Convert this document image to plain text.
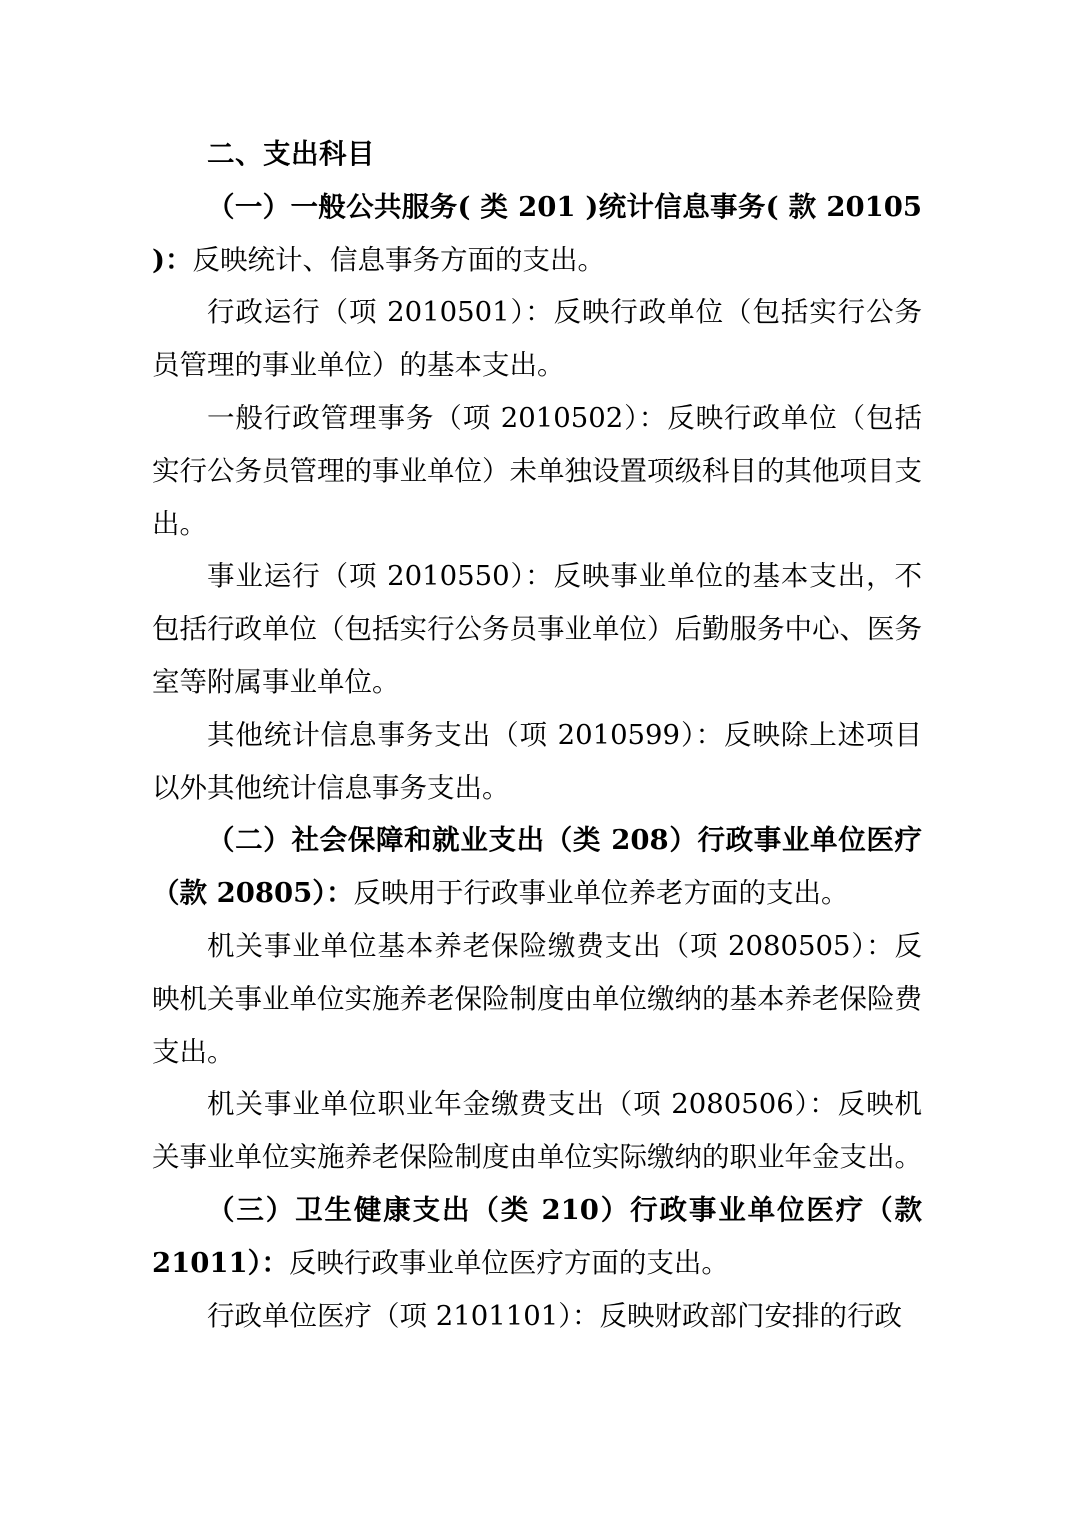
二、支出科目

（一）一般公共服务( 类 201 )统计信息事务( 款 20105 )：反映统计、信息事务方面的支出。

行政运行（项 2010501）：反映行政单位（包括实行公务员管理的事业单位）的基本支出。

一般行政管理事务（项 2010502）：反映行政单位（包括实行公务员管理的事业单位）未单独设置项级科目的其他项目支出。

事业运行（项 2010550）：反映事业单位的基本支出，不包括行政单位（包括实行公务员事业单位）后勤服务中心、医务室等附属事业单位。

其他统计信息事务支出（项 2010599）：反映除上述项目以外其他统计信息事务支出。

（二）社会保障和就业支出（类 208）行政事业单位医疗（款 20805）：反映用于行政事业单位养老方面的支出。

机关事业单位基本养老保险缴费支出（项 2080505）：反映机关事业单位实施养老保险制度由单位缴纳的基本养老保险费支出。

机关事业单位职业年金缴费支出（项 2080506）：反映机关事业单位实施养老保险制度由单位实际缴纳的职业年金支出。

（三）卫生健康支出（类 210）行政事业单位医疗（款 21011）：反映行政事业单位医疗方面的支出。

行政单位医疗（项 2101101）：反映财政部门安排的行政
